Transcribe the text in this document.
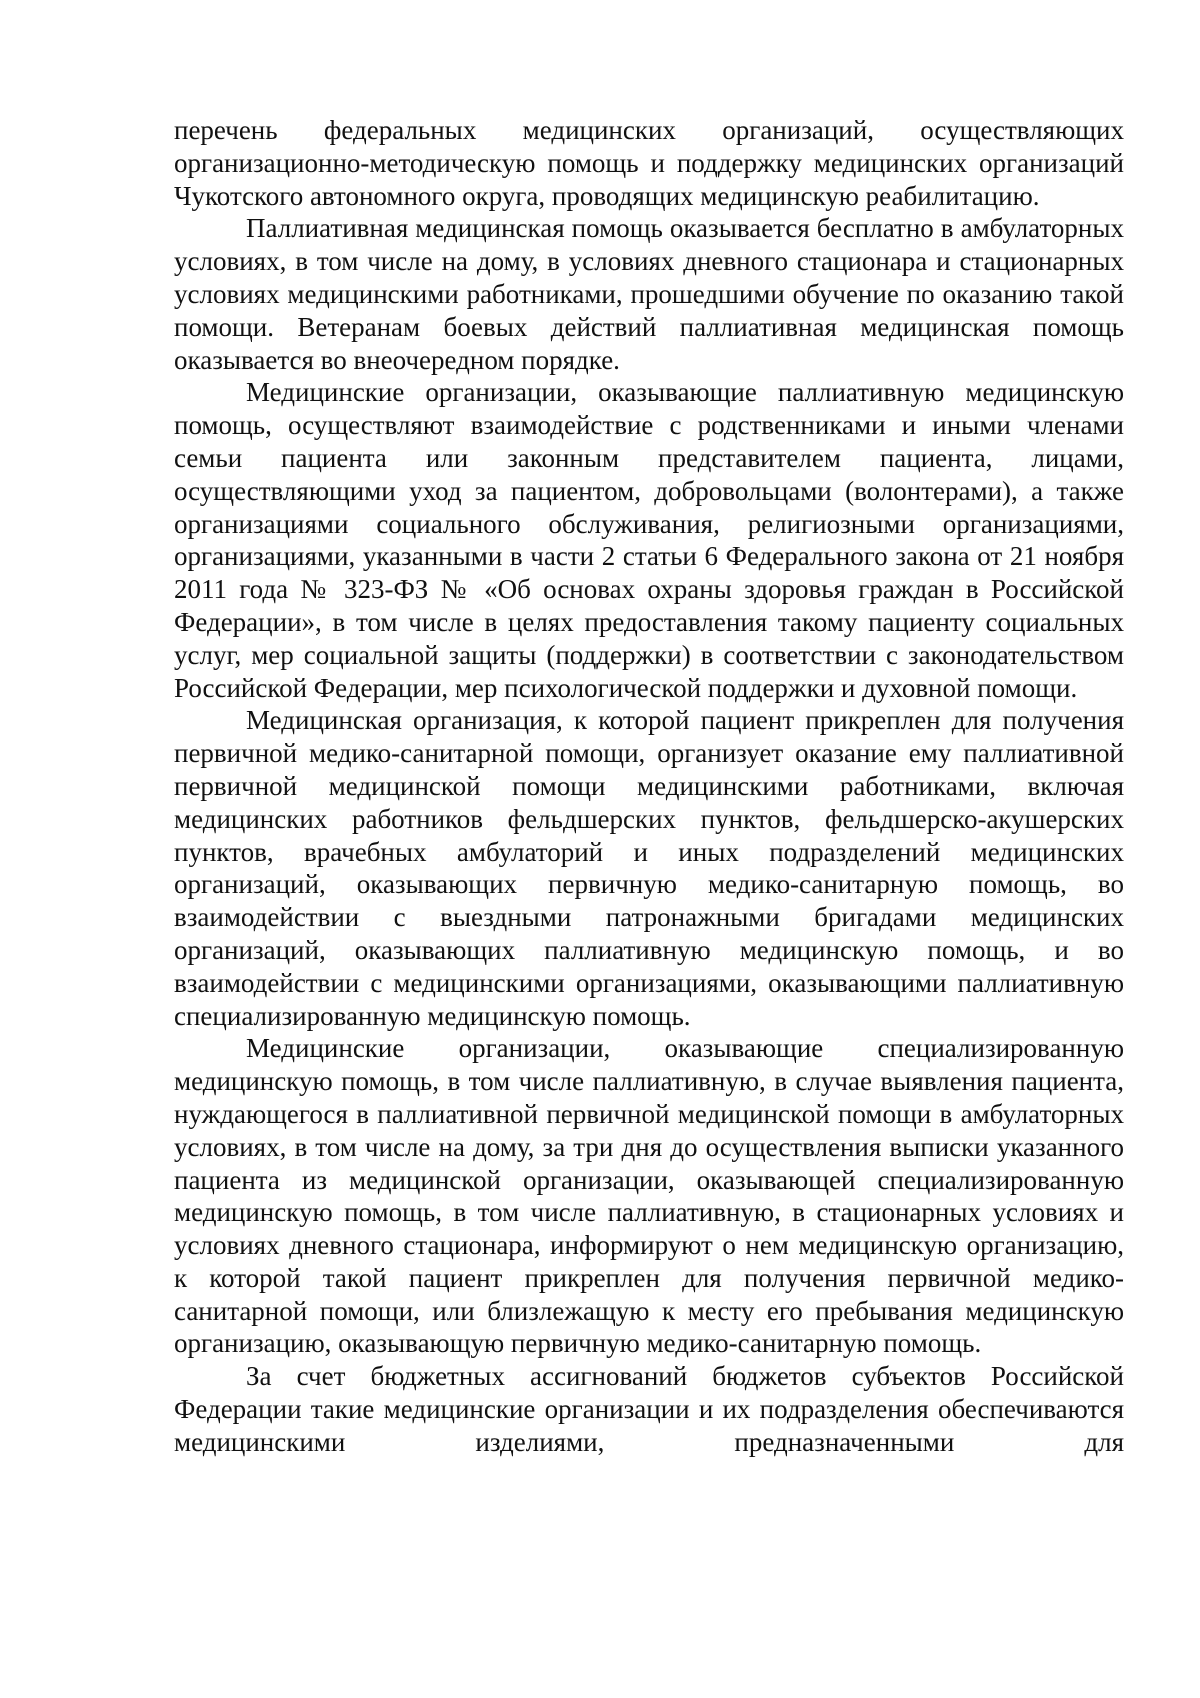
перечень федеральных медицинских организаций, осуществляющих организационно-методическую помощь и поддержку медицинских организаций Чукотского автономного округа, проводящих медицинскую реабилитацию.

Паллиативная медицинская помощь оказывается бесплатно в амбулаторных условиях, в том числе на дому, в условиях дневного стационара и стационарных условиях медицинскими работниками, прошедшими обучение по оказанию такой помощи. Ветеранам боевых действий паллиативная медицинская помощь оказывается во внеочередном порядке.

Медицинские организации, оказывающие паллиативную медицинскую помощь, осуществляют взаимодействие с родственниками и иными членами семьи пациента или законным представителем пациента, лицами, осуществляющими уход за пациентом, добровольцами (волонтерами), а также организациями социального обслуживания, религиозными организациями, организациями, указанными в части 2 статьи 6 Федерального закона от 21 ноября 2011 года № 323-ФЗ № «Об основах охраны здоровья граждан в Российской Федерации», в том числе в целях предоставления такому пациенту социальных услуг, мер социальной защиты (поддержки) в соответствии с законодательством Российской Федерации, мер психологической поддержки и духовной помощи.

Медицинская организация, к которой пациент прикреплен для получения первичной медико-санитарной помощи, организует оказание ему паллиативной первичной медицинской помощи медицинскими работниками, включая медицинских работников фельдшерских пунктов, фельдшерско-акушерских пунктов, врачебных амбулаторий и иных подразделений медицинских организаций, оказывающих первичную медико-санитарную помощь, во взаимодействии с выездными патронажными бригадами медицинских организаций, оказывающих паллиативную медицинскую помощь, и во взаимодействии с медицинскими организациями, оказывающими паллиативную специализированную медицинскую помощь.

Медицинские организации, оказывающие специализированную медицинскую помощь, в том числе паллиативную, в случае выявления пациента, нуждающегося в паллиативной первичной медицинской помощи в амбулаторных условиях, в том числе на дому, за три дня до осуществления выписки указанного пациента из медицинской организации, оказывающей специализированную медицинскую помощь, в том числе паллиативную, в стационарных условиях и условиях дневного стационара, информируют о нем медицинскую организацию, к которой такой пациент прикреплен для получения первичной медико-санитарной помощи, или близлежащую к месту его пребывания медицинскую организацию, оказывающую первичную медико-санитарную помощь.

За счет бюджетных ассигнований бюджетов субъектов Российской Федерации такие медицинские организации и их подразделения обеспечиваются медицинскими изделиями, предназначенными для
